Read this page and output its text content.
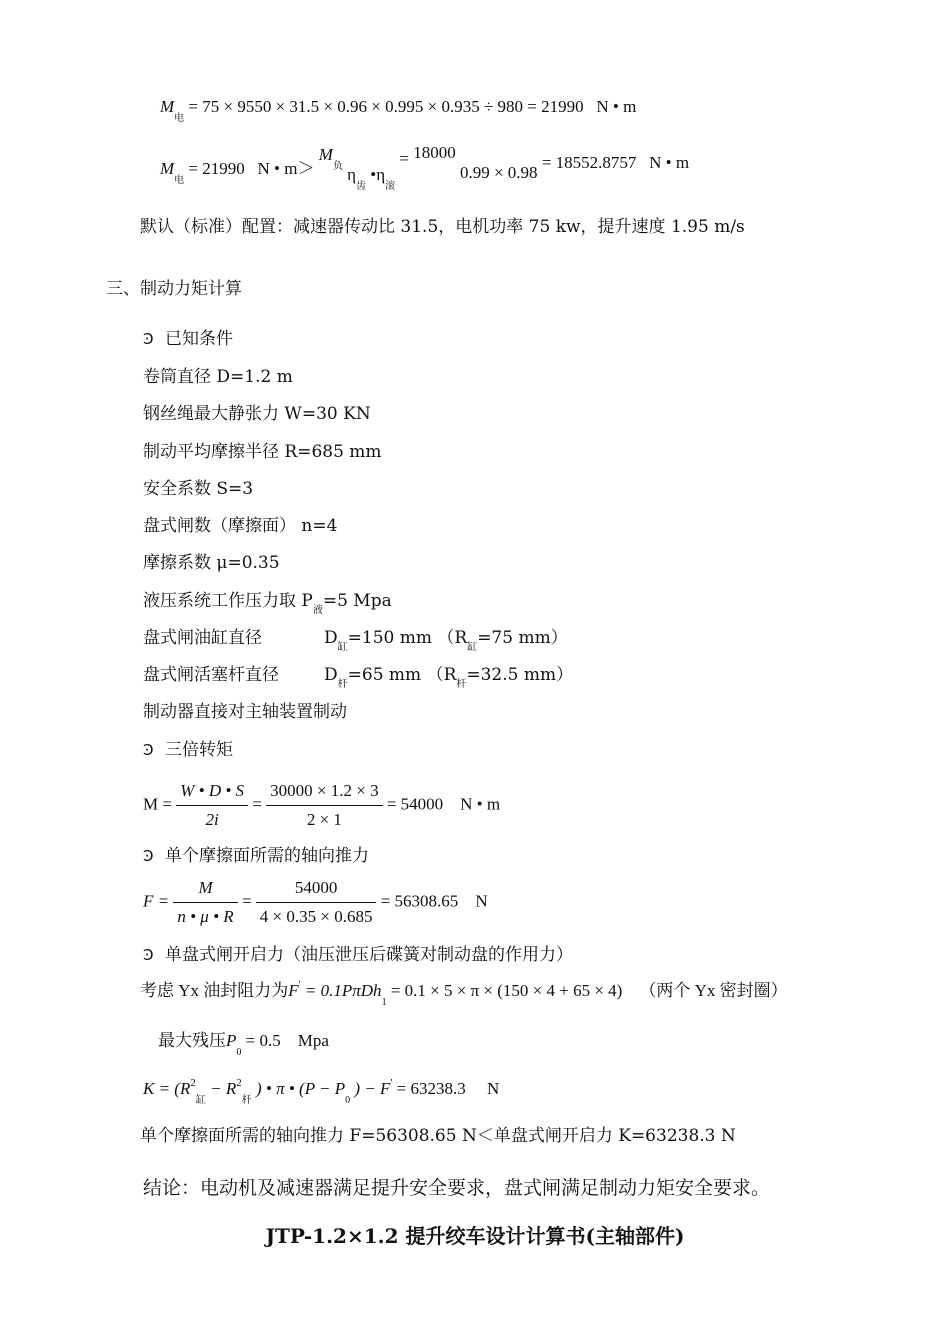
$M_电 = 75 \times 9550 \times 31.5 \times 0.96 \times 0.995 \times 0.935 \div 980 = 21990$ N • m
$M_电 = 21990$ N • $m> M_负$ $\eta_齿$ $•\eta_滚 = 18000$ 0.99 × 0.98 = 18552.8757 N • m
默认（标准）配置：减速器传动比 31.5，电机功率 75 kw，提升速度 1.95 m/s
三、制动力矩计算
Ͽ 已知条件
卷筒直径 D=1.2 m
钢丝绳最大静张力 W=30 KN
制动平均摩擦半径 R=685 mm
安全系数 S=3
盘式闸数（摩擦面） n=4
摩擦系数 μ=0.35
液压系统工作压力取 $P_液=5$ Mpa
盘式闸油缸直径	$D_缸=150$ mm （$R_缸=75$ mm）
盘式闸活塞杆直径	$D_杆=65$ mm （$R_杆=32.5$ mm）
制动器直接对主轴装置制动
Ͽ 三倍转矩
$M = \frac{W • D • S}{2i} = \frac{30000 \times 1.2 \times 3}{2 \times 1} = 54000$ N • m
Ͽ 单个摩擦面所需的轴向推力
$F = \frac{M}{n • \mu • R} = \frac{54000}{4 \times 0.35 \times 0.685} = 56308.65$ N
Ͽ 单盘式闸开启力（油压泄压后碟簧对制动盘的作用力）
考虑 Yx 油封阻力为F' = 0.1PπDh$_1$ = 0.1 × 5 × π × (150 × 4 + 65 × 4) （两个 Yx 密封圈）
最大残压$P_0 = 0.5$ Mpa
$K = (R^2_缸 - R^2_杆$ ) • π • ($P - P_0$ ) − F' = 63238.3 N
单个摩擦面所需的轴向推力 F=56308.65 N＜单盘式闸开启力 K=63238.3 N
结论：电动机及减速器满足提升安全要求，盘式闸满足制动力矩安全要求。
JTP-1.2×1.2 提升绞车设计计算书(主轴部件)
